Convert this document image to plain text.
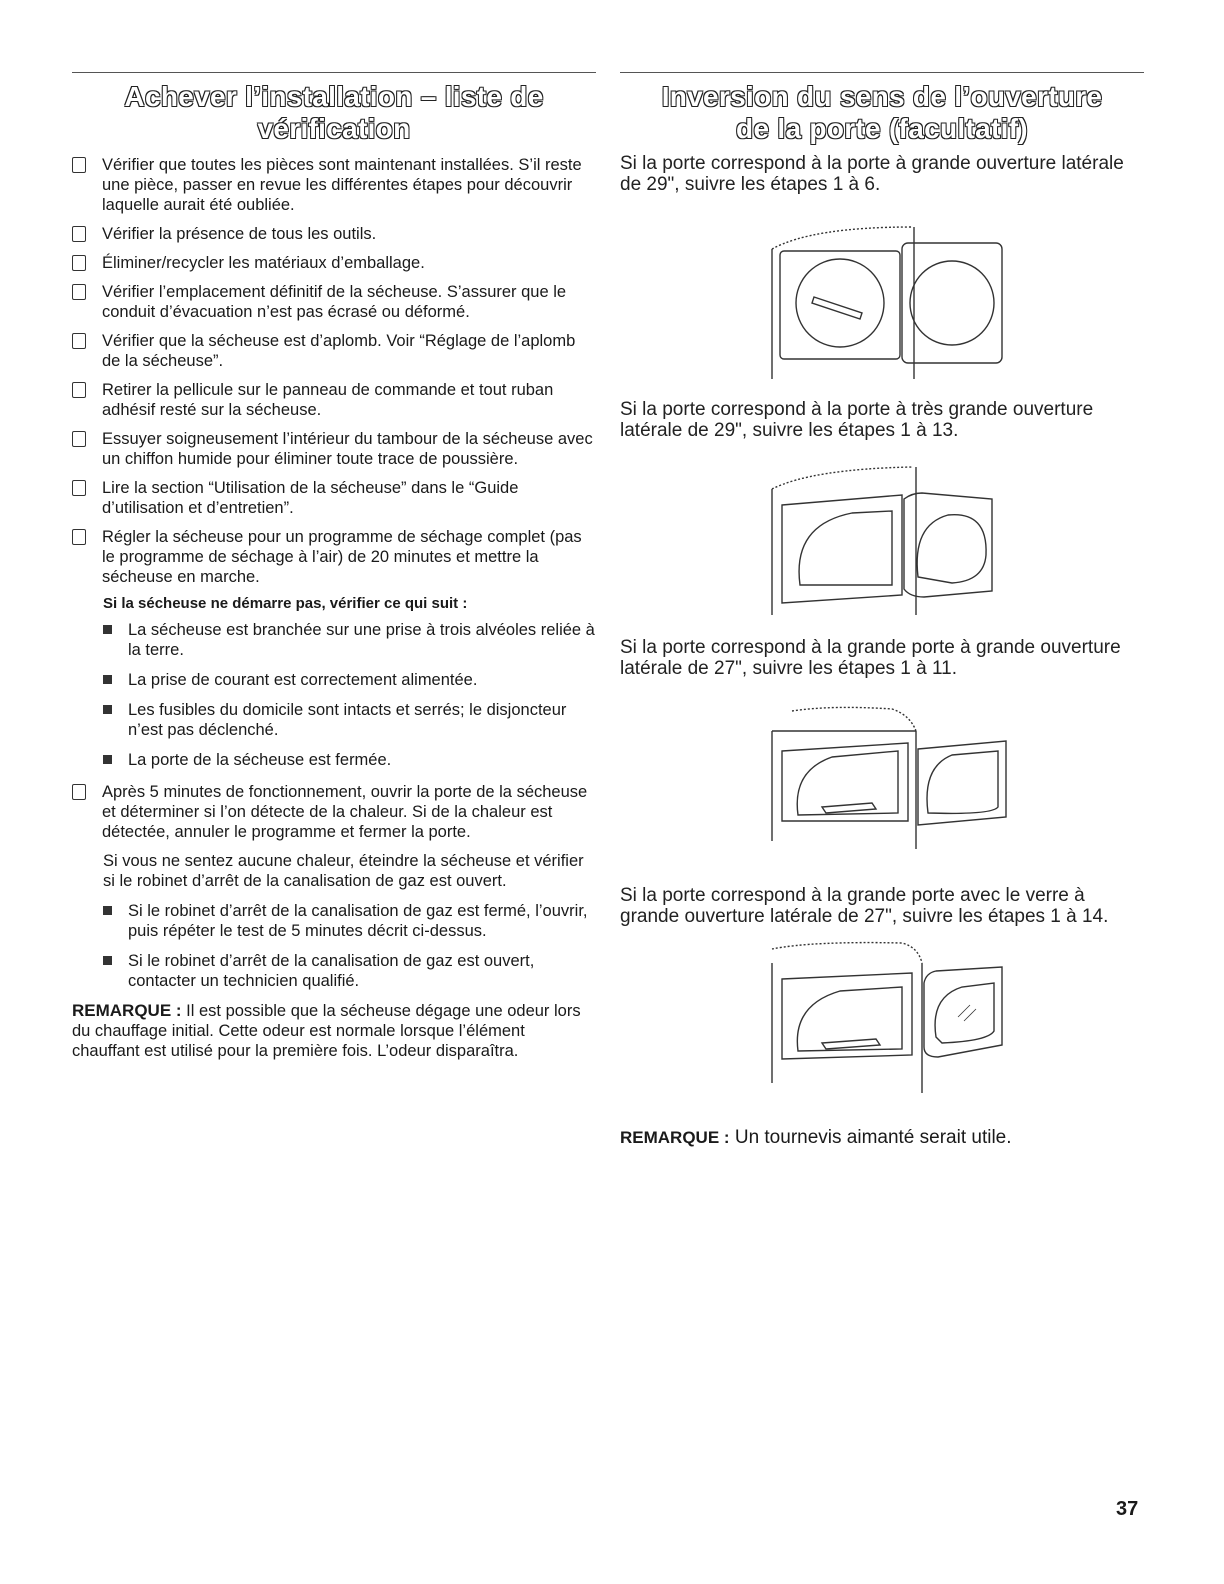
Achever l’installation – liste de
vérification
Vérifier que toutes les pièces sont maintenant installées. S’il reste une pièce, passer en revue les différentes étapes pour découvrir laquelle aurait été oubliée.
Vérifier la présence de tous les outils.
Éliminer/recycler les matériaux d’emballage.
Vérifier l’emplacement définitif de la sécheuse. S’assurer que le conduit d’évacuation n’est pas écrasé ou déformé.
Vérifier que la sécheuse est d’aplomb. Voir “Réglage de l’aplomb de la sécheuse”.
Retirer la pellicule sur le panneau de commande et tout ruban adhésif resté sur la sécheuse.
Essuyer soigneusement l’intérieur du tambour de la sécheuse avec un chiffon humide pour éliminer toute trace de poussière.
Lire la section “Utilisation de la sécheuse” dans le “Guide d’utilisation et d’entretien”.
Régler la sécheuse pour un programme de séchage complet (pas le programme de séchage à l’air) de 20 minutes et mettre la sécheuse en marche.
Si la sécheuse ne démarre pas, vérifier ce qui suit :
La sécheuse est branchée sur une prise à trois alvéoles reliée à la terre.
La prise de courant est correctement alimentée.
Les fusibles du domicile sont intacts et serrés; le disjoncteur n’est pas déclenché.
La porte de la sécheuse est fermée.
Après 5 minutes de fonctionnement, ouvrir la porte de la sécheuse et déterminer si l’on détecte de la chaleur. Si de la chaleur est détectée, annuler le programme et fermer la porte.
Si vous ne sentez aucune chaleur, éteindre la sécheuse et vérifier si le robinet d’arrêt de la canalisation de gaz est ouvert.
Si le robinet d’arrêt de la canalisation de gaz est fermé, l’ouvrir, puis répéter le test de 5 minutes décrit ci-dessus.
Si le robinet d’arrêt de la canalisation de gaz est ouvert, contacter un technicien qualifié.
REMARQUE : Il est possible que la sécheuse dégage une odeur lors du chauffage initial. Cette odeur est normale lorsque l’élément chauffant est utilisé pour la première fois. L’odeur disparaîtra.
Inversion du sens de l’ouverture
de la porte (facultatif)

Si la porte correspond à la porte à grande ouverture latérale de 29", suivre les étapes 1 à 6.

Si la porte correspond à la porte à très grande ouverture latérale de 29", suivre les étapes 1 à 13.

Si la porte correspond à la grande porte à grande ouverture latérale de 27", suivre les étapes 1 à 11.

Si la porte correspond à la grande porte avec le verre à grande ouverture latérale de 27", suivre les étapes 1 à 14.

REMARQUE : Un tournevis aimanté serait utile.
37
